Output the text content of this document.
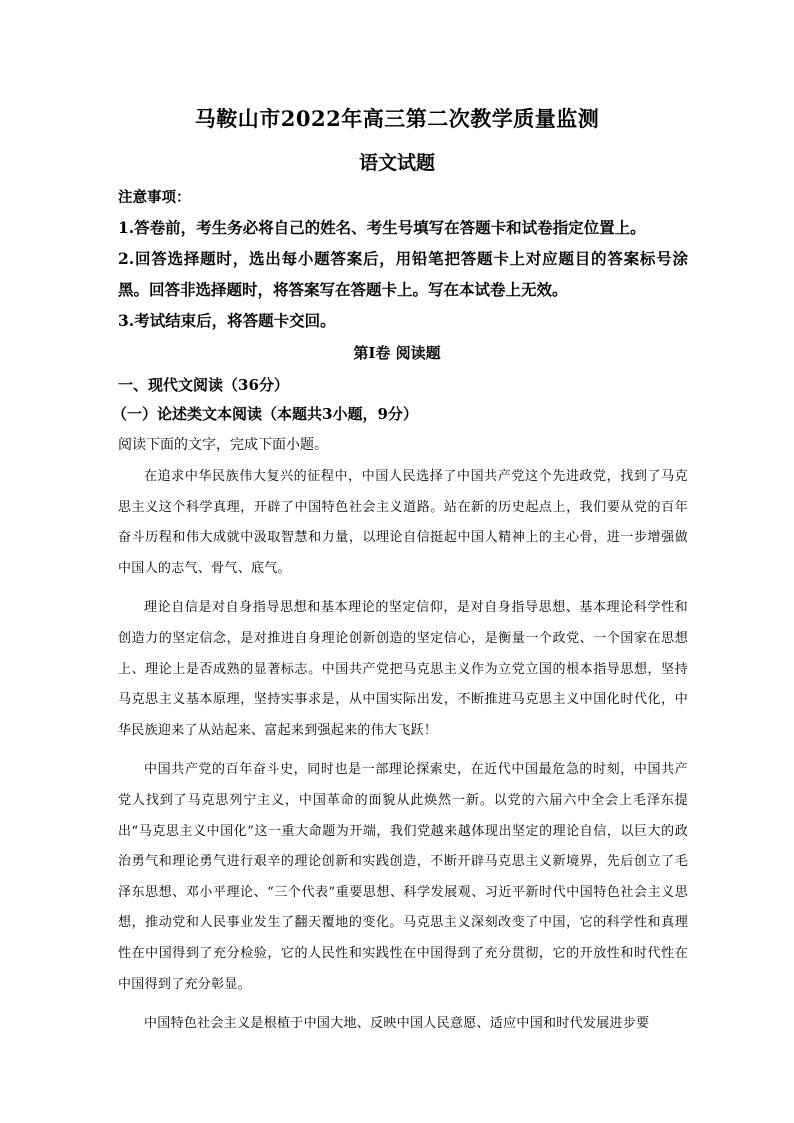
马鞍山市2022年高三第二次教学质量监测
语文试题
注意事项：

1.答卷前，考生务必将自己的姓名、考生号填写在答题卡和试卷指定位置上。

2.回答选择题时，选出每小题答案后，用铅笔把答题卡上对应题目的答案标号涂黑。回答非选择题时，将答案写在答题卡上。写在本试卷上无效。

3.考试结束后，将答题卡交回。

第Ⅰ卷 阅读题
一、现代文阅读（36分）
（一）论述类文本阅读（本题共3小题，9分）
阅读下面的文字，完成下面小题。

在追求中华民族伟大复兴的征程中，中国人民选择了中国共产党这个先进政党，找到了马克思主义这个科学真理，开辟了中国特色社会主义道路。站在新的历史起点上，我们要从党的百年奋斗历程和伟大成就中汲取智慧和力量，以理论自信挺起中国人精神上的主心骨，进一步增强做中国人的志气、骨气、底气。

理论自信是对自身指导思想和基本理论的坚定信仰，是对自身指导思想、基本理论科学性和创造力的坚定信念，是对推进自身理论创新创造的坚定信心，是衡量一个政党、一个国家在思想上、理论上是否成熟的显著标志。中国共产党把马克思主义作为立党立国的根本指导思想，坚持马克思主义基本原理，坚持实事求是，从中国实际出发，不断推进马克思主义中国化时代化，中华民族迎来了从站起来、富起来到强起来的伟大飞跃！

中国共产党的百年奋斗史，同时也是一部理论探索史，在近代中国最危急的时刻，中国共产党人找到了马克思列宁主义，中国革命的面貌从此焕然一新。以党的六届六中全会上毛泽东提出“马克思主义中国化”这一重大命题为开端，我们党越来越体现出坚定的理论自信，以巨大的政治勇气和理论勇气进行艰辛的理论创新和实践创造，不断开辟马克思主义新境界，先后创立了毛泽东思想、邓小平理论、“三个代表”重要思想、科学发展观、习近平新时代中国特色社会主义思想，推动党和人民事业发生了翻天覆地的变化。马克思主义深刻改变了中国，它的科学性和真理性在中国得到了充分检验，它的人民性和实践性在中国得到了充分贯彻，它的开放性和时代性在中国得到了充分彰显。

中国特色社会主义是根植于中国大地、反映中国人民意愿、适应中国和时代发展进步要
